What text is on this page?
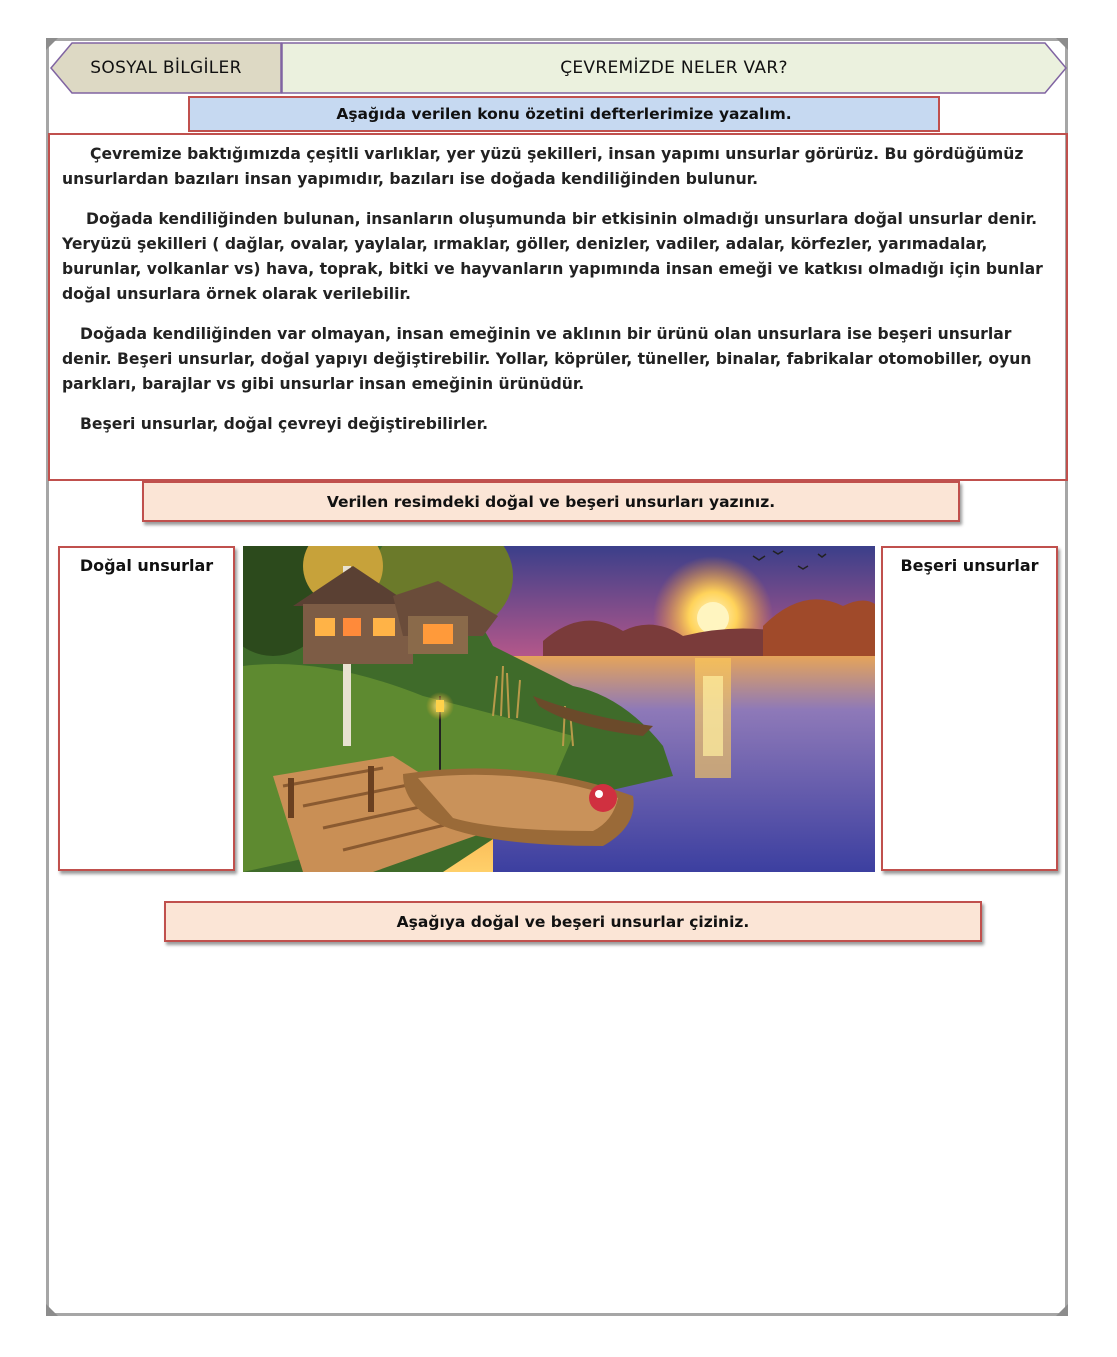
SOSYAL BİLGİLER	ÇEVREMİZDE NELER VAR?
Aşağıda verilen konu özetini defterlerimize yazalım.

Çevremize baktığımızda çeşitli varlıklar, yer yüzü şekilleri, insan yapımı unsurlar görürüz. Bu gördüğümüz unsurlardan bazıları insan yapımıdır, bazıları ise doğada kendiliğinden bulunur.

Doğada kendiliğinden bulunan, insanların oluşumunda bir etkisinin olmadığı unsurlara doğal unsurlar denir. Yeryüzü şekilleri ( dağlar, ovalar, yaylalar, ırmaklar, göller, denizler, vadiler, adalar, körfezler, yarımadalar, burunlar, volkanlar vs) hava, toprak, bitki ve hayvanların yapımında insan emeği ve katkısı olmadığı için bunlar doğal unsurlara örnek olarak verilebilir.

Doğada kendiliğinden var olmayan, insan emeğinin ve aklının bir ürünü olan unsurlara ise beşeri unsurlar denir. Beşeri unsurlar, doğal yapıyı değiştirebilir. Yollar, köprüler, tüneller, binalar, fabrikalar otomobiller, oyun parkları, barajlar vs gibi unsurlar insan emeğinin ürünüdür.

Beşeri unsurlar, doğal çevreyi değiştirebilirler.

Verilen resimdeki doğal ve beşeri unsurları yazınız.
Doğal unsurlar	Beşeri unsurlar
Aşağıya doğal ve beşeri unsurlar çiziniz.
